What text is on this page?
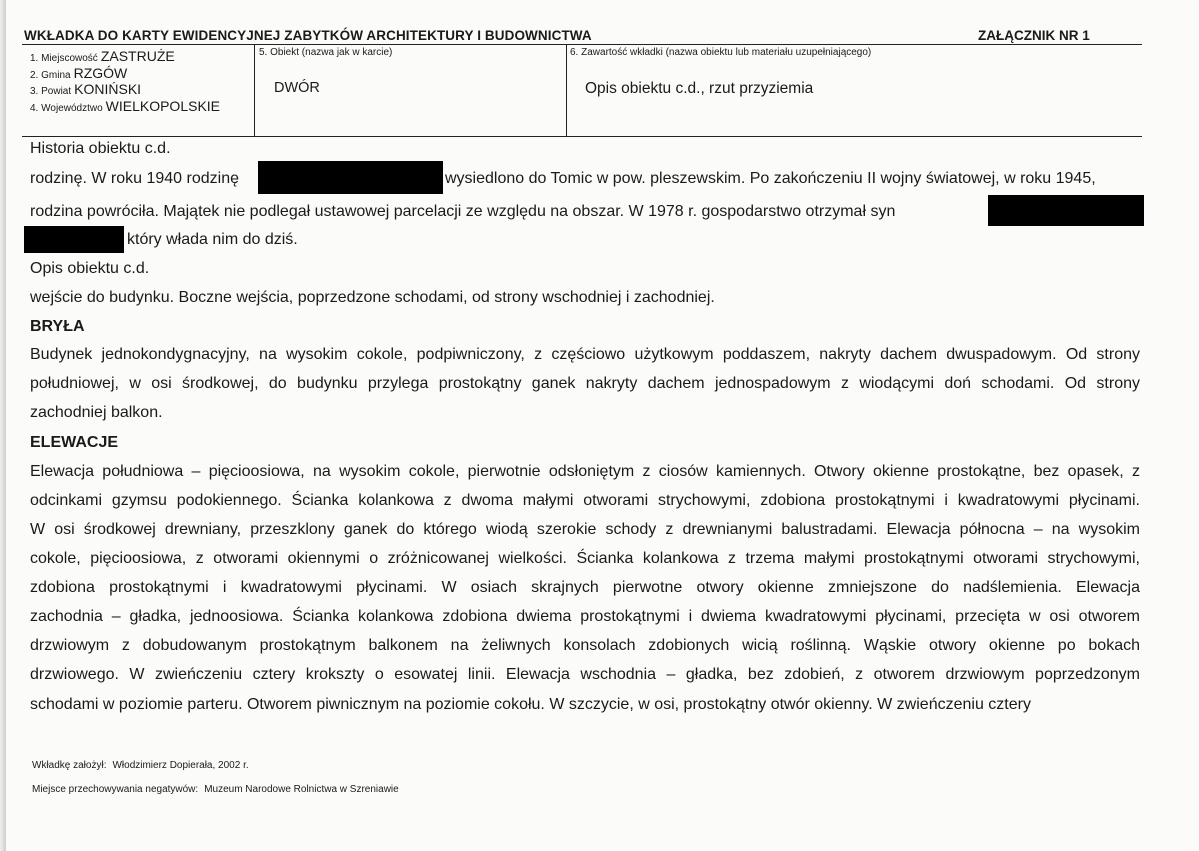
WKŁADKA DO KARTY EWIDENCYJNEJ ZABYTKÓW ARCHITEKTURY I BUDOWNICTWA	ZAŁĄCZNIK NR 1
1. Miejscowość ZASTRUŻE
2. Gmina RZGÓW
3. Powiat KONIŃSKI
4. Województwo WIELKOPOLSKIE
5. Obiekt (nazwa jak w karcie)
DWÓR
6. Zawartość wkładki (nazwa obiektu lub materiału uzupełniającego)
Opis obiektu c.d., rzut przyziemia
Historia obiektu c.d.
rodzinę. W roku 1940 rodzinę	wysiedlono do Tomic w pow. pleszewskim. Po zakończeniu II wojny światowej, w roku 1945,
rodzina powróciła. Majątek nie podlegał ustawowej parcelacji ze względu na obszar. W 1978 r. gospodarstwo otrzymał syn
który włada nim do dziś.
Opis obiektu c.d.
wejście do budynku. Boczne wejścia, poprzedzone schodami, od strony wschodniej i zachodniej.
BRYŁA
Budynek jednokondygnacyjny, na wysokim cokole, podpiwniczony, z częściowo użytkowym poddaszem, nakryty dachem dwuspadowym. Od strony
południowej, w osi środkowej, do budynku przylega prostokątny ganek nakryty dachem jednospadowym z wiodącymi doń schodami. Od strony
zachodniej balkon.
ELEWACJE
Elewacja południowa – pięcioosiowa, na wysokim cokole, pierwotnie odsłoniętym z ciosów kamiennych. Otwory okienne prostokątne, bez opasek, z
odcinkami gzymsu podokiennego. Ścianka kolankowa z dwoma małymi otworami strychowymi, zdobiona prostokątnymi i kwadratowymi płycinami.
W osi środkowej drewniany, przeszklony ganek do którego wiodą szerokie schody z drewnianymi balustradami. Elewacja północna – na wysokim
cokole, pięcioosiowa, z otworami okiennymi o zróżnicowanej wielkości. Ścianka kolankowa z trzema małymi prostokątnymi otworami strychowymi,
zdobiona prostokątnymi i kwadratowymi płycinami. W osiach skrajnych pierwotne otwory okienne zmniejszone do nadślemienia. Elewacja
zachodnia – gładka, jednoosiowa. Ścianka kolankowa zdobiona dwiema prostokątnymi i dwiema kwadratowymi płycinami, przecięta w osi otworem
drzwiowym z dobudowanym prostokątnym balkonem na żeliwnych konsolach zdobionych wicią roślinną. Wąskie otwory okienne po bokach
drzwiowego. W zwieńczeniu cztery krokszty o esowatej linii. Elewacja wschodnia – gładka, bez zdobień, z otworem drzwiowym poprzedzonym
schodami w poziomie parteru. Otworem piwnicznym na poziomie cokołu. W szczycie, w osi, prostokątny otwór okienny. W zwieńczeniu cztery
Wkładkę założył: Włodzimierz Dopierała, 2002 r.
Miejsce przechowywania negatywów: Muzeum Narodowe Rolnictwa w Szreniawie
